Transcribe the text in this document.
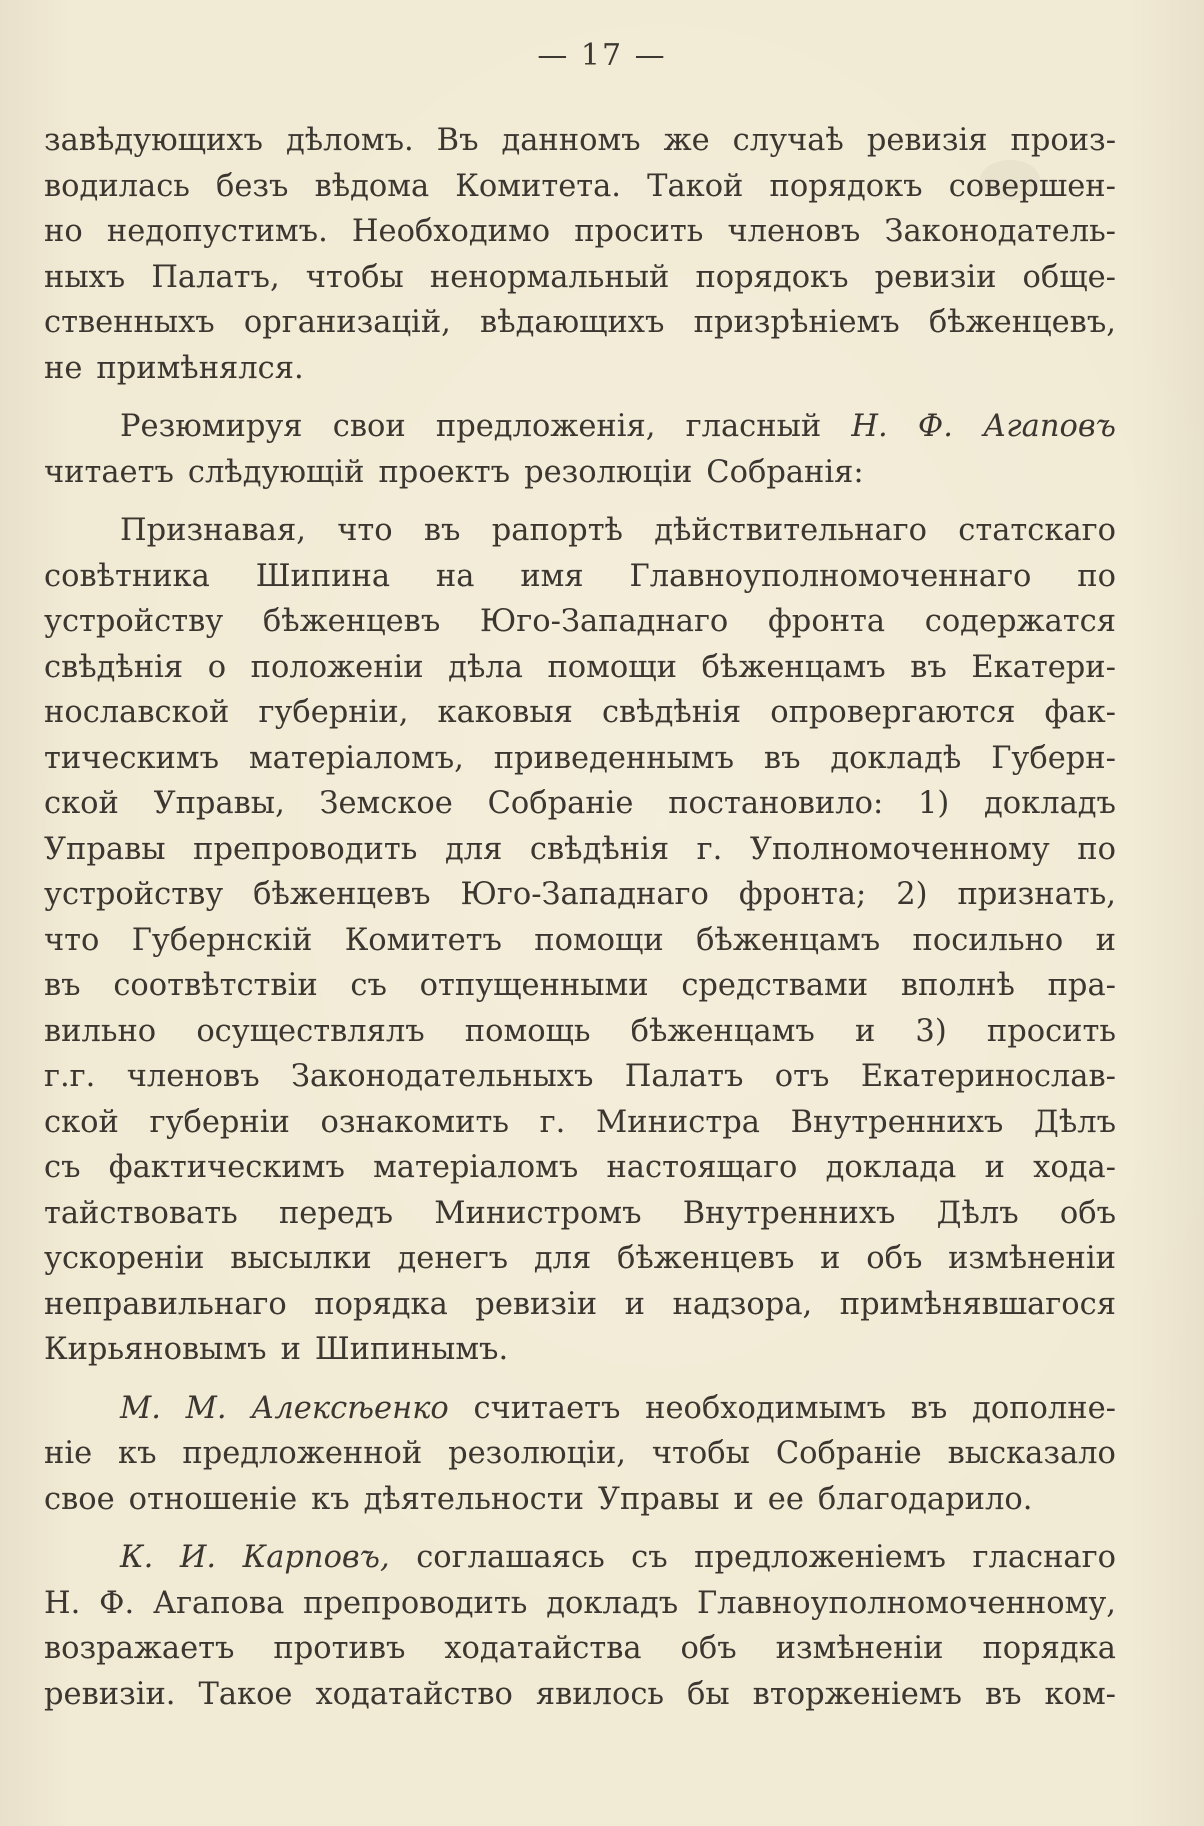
— 17 —
завѣдующихъ дѣломъ. Въ данномъ же случаѣ ревизія произ-
водилась безъ вѣдома Комитета. Такой порядокъ совершен-
но недопустимъ. Необходимо просить членовъ Законодатель-
ныхъ Палатъ, чтобы ненормальный порядокъ ревизіи обще-
ственныхъ организацій, вѣдающихъ призрѣніемъ бѣженцевъ,
не примѣнялся.
Резюмируя свои предложенія, гласный Н. Ф. Агаповъ
читаетъ слѣдующій проектъ резолюціи Собранія:
Признавая, что въ рапортѣ дѣйствительнаго статскаго
совѣтника Шипина на имя Главноуполномоченнаго по
устройству бѣженцевъ Юго-Западнаго фронта содержатся
свѣдѣнія о положеніи дѣла помощи бѣженцамъ въ Екатери-
нославской губерніи, каковыя свѣдѣнія опровергаются фак-
тическимъ матеріаломъ, приведеннымъ въ докладѣ Губерн-
ской Управы, Земское Собраніе постановило: 1) докладъ
Управы препроводить для свѣдѣнія г. Уполномоченному по
устройству бѣженцевъ Юго-Западнаго фронта; 2) признать,
что Губернскій Комитетъ помощи бѣженцамъ посильно и
въ соотвѣтствіи съ отпущенными средствами вполнѣ пра-
вильно осуществлялъ помощь бѣженцамъ и 3) просить
г.г. членовъ Законодательныхъ Палатъ отъ Екатеринослав-
ской губерніи ознакомить г. Министра Внутреннихъ Дѣлъ
съ фактическимъ матеріаломъ настоящаго доклада и хода-
тайствовать передъ Министромъ Внутреннихъ Дѣлъ объ
ускореніи высылки денегъ для бѣженцевъ и объ измѣненіи
неправильнаго порядка ревизіи и надзора, примѣнявшагося
Кирьяновымъ и Шипинымъ.
М. М. Алексѣенко считаетъ необходимымъ въ дополне-
ніе къ предложенной резолюціи, чтобы Собраніе высказало
свое отношеніе къ дѣятельности Управы и ее благодарило.
К. И. Карповъ, соглашаясь съ предложеніемъ гласнаго
Н. Ф. Агапова препроводить докладъ Главноуполномоченному,
возражаетъ противъ ходатайства объ измѣненіи порядка
ревизіи. Такое ходатайство явилось бы вторженіемъ въ ком-
